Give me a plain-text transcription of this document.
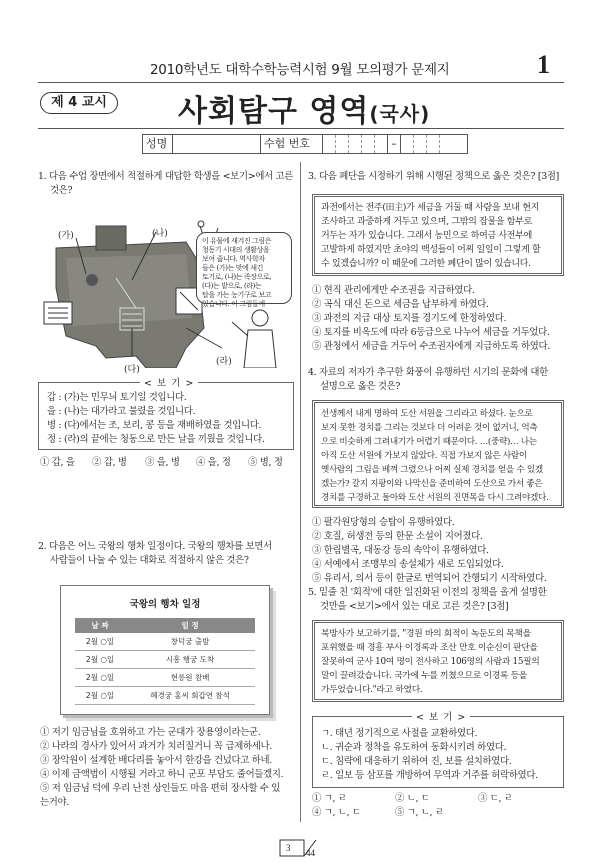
2010학년도 대학수학능력시험 9월 모의평가 문제지	1
제 4 교시	사회탐구 영역(국사)
성명	수험 번호	–
1. 다음 수업 장면에서 적절하게 대답한 학생을 <보기>에서 고른
것은?
(가)	(나)
(다)
(라)
이 유물에 새겨진 그림은
청동기 시대의 생활상을
보여 줍니다. 역사학자
들은 (가)는 맞에 새긴
토기로, (나)는 족장으로,
(다)는 밭으로, (라)는
탑을 가는 농기구로 보고
있습니다. 이 그림들에
갑 : (가)는 민무늬 토기일 것입니다.
을 : (나)는 대가라고 불렸을 것입니다.
병 : (다)에서는 조, 보리, 콩 등을 재배하였을 것입니다.
정 : (라)의 끝에는 청동으로 만든 날을 끼웠을 것입니다.
< 보 기 >
① 갑, 을 ② 갑, 병 ③ 을, 병 ④ 을, 정 ⑤ 병, 정
2. 다음은 어느 국왕의 행차 일정이다. 국왕의 행차를 보면서
사람들이 나눌 수 있는 대화로 적절하지 않은 것은?
국왕의 행차 일정
날 짜	일 정
2월 ○일	창덕궁 출발
2월 ○일	시흥 행궁 도착
2월 ○일	현릉원 참배
2월 ○일	혜경궁 홍씨 회갑연 참석
① 저기 임금님을 호위하고 가는 군대가 장용영이라는군.
② 나라의 경사가 있어서 과거가 치러질거니 꼭 급제하세나.
③ 장악원이 설계한 배다리를 놓아서 한강을 건넜다고 하네.
④ 이제 금액법이 시행될 거라고 하니 군포 부담도 줄어들겠지.
⑤ 저 임금님 덕에 우리 난전 상인들도 마음 편히 장사할 수 있
는거야.
3. 다음 폐단을 시정하기 위해 시행된 정책으로 옳은 것은? [3점]
과전에서는 전주(田主)가 세금을 거둘 때 사람을 보내 현지
조사하고 과중하게 거두고 있으며, 그밖의 잡물을 함부로
거두는 자가 있습니다. 그래서 농민으로 하여금 사전부에
고발하게 하였지만 초야의 백성들이 어찌 일일이 그렇게 할
수 있겠습니까? 이 때문에 그러한 폐단이 많이 있습니다.
① 현직 관리에게만 수조권을 지급하였다.
② 곡식 대신 돈으로 세금을 납부하게 하였다.
③ 과전의 지급 대상 토지를 경기도에 한정하였다.
④ 토지를 비옥도에 따라 6등급으로 나누어 세금을 거두었다.
⑤ 관청에서 세금을 거두어 수조권자에게 지급하도록 하였다.
4. 자료의 저자가 추구한 화풍이 유행하던 시기의 문화에 대한
설명으로 옳은 것은?
선생께서 내게 명하여 도산 서원을 그리라고 하셨다. 눈으로
보지 못한 경치를 그리는 것보다 더 어려운 것이 없거니, 억측
으로 비슷하게 그려내기가 어렵기 때문이다. …(중략)… 나는
아직 도산 서원에 가보지 않았다. 직접 가보지 않은 사람이
옛사람의 그림을 베껴 그렸으나 어찌 실제 경치를 얻을 수 있겠
겠는가? 갈지 지팡이와 나막신을 준비하여 도산으로 가서 좋은
경치를 구경하고 돌아와 도산 서원의 진면목을 다시 그려야겠다.
① 팔각원당형의 승탑이 유행하였다.
② 호질, 허생전 등의 한문 소설이 지어졌다.
③ 한림별곡, 대동강 등의 속악이 유행하였다.
④ 서예에서 조맹부의 송설체가 새로 도입되었다.
⑤ 유리서, 의서 등이 한글로 번역되어 간행되기 시작하였다.
5. 밑줄 친 '회적'에 대한 일진화된 이전의 정책을 올게 설명한
것만을 <보기>에서 있는 대로 고른 것은? [3점]
북방사가 보고하기를, "경원 바의 회적이 녹둔도의 목책을
포위했을 때 경흥 부사 이경록과 조산 만호 이순신이 판단을
잘못하여 군사 10여 명이 전사하고 106명의 사람과 15필의
말이 끌려갔습니다. 국가에 누를 끼쳤으므로 이경록 등을
가두었습니다."라고 하였다.
ㄱ. 태년 정기적으로 사절을 교환하였다.
ㄴ. 귀순과 정착을 유도하여 동화시키려 하였다.
ㄷ. 침략에 대응하기 위하여 진, 보를 설치하였다.
ㄹ. 일보 등 삼포를 개방하여 무역과 거주를 허락하였다.
< 보 기 >
① ㄱ, ㄹ	② ㄴ, ㄷ	③ ㄷ, ㄹ
④ ㄱ, ㄴ, ㄷ	⑤ ㄱ, ㄴ, ㄹ
3 44
